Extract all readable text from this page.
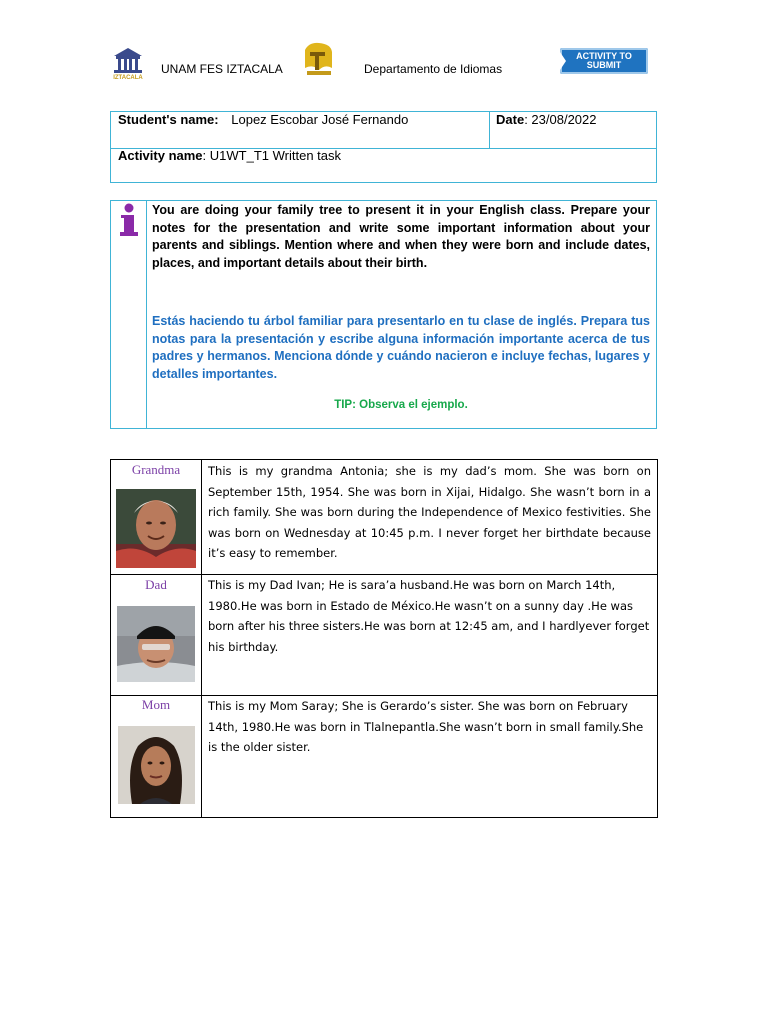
IZTACALA
UNAM FES IZTACALA	Departamento de Idiomas
ACTIVITY TO
SUBMIT
Student's name: Lopez Escobar José Fernando	Date: 23/08/2022
Activity name: U1WT_T1 Written task
You are doing your family tree to present it in your English class. Prepare your notes for the presentation and write some important information about your parents and siblings. Mention where and when they were born and include dates, places, and important details about their birth.
Estás haciendo tu árbol familiar para presentarlo en tu clase de inglés. Prepara tus notas para la presentación y escribe alguna información importante acerca de tus padres y hermanos. Menciona dónde y cuándo nacieron e incluye fechas, lugares y detalles importantes.
TIP: Observa el ejemplo.
Grandma	This is my grandma Antonia; she is my dad’s mom. She was born on September 15th, 1954. She was born in Xijai, Hidalgo. She wasn’t born in a rich family. She was born during the Independence of Mexico festivities. She was born on Wednesday at 10:45 p.m. I never forget her birthdate because it’s easy to remember.
Dad	This is my Dad Ivan; He is sara’a husband.He was born on March 14th, 1980.He was born in Estado de México.He wasn’t on a sunny day .He was born after his three sisters.He was born at 12:45 am, and I hardlyever forget his birthday.
Mom	This is my Mom Saray; She is Gerardo’s sister. She was born on February 14th, 1980.He was born in Tlalnepantla.She wasn’t born in small family.She is the older sister.
